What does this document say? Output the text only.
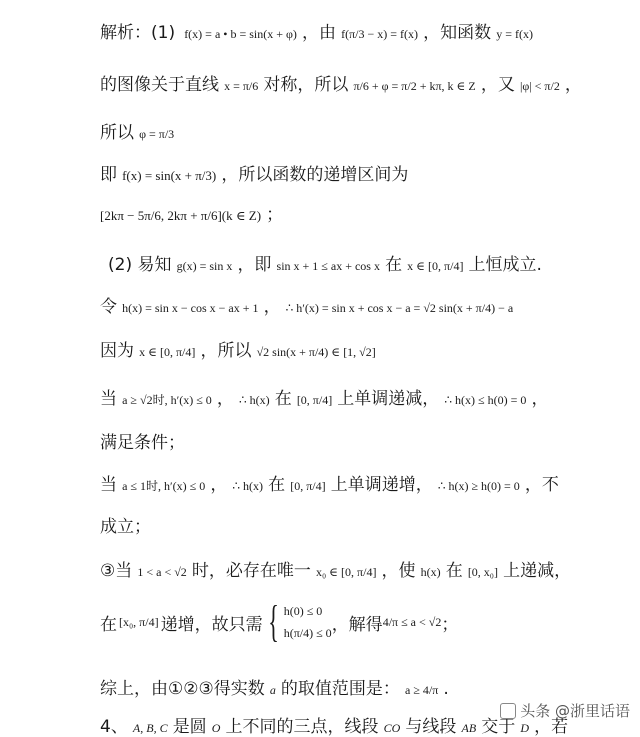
解析：(1) f(x) = a • b = sin(x + φ) ，由 f(π/3 − x) = f(x) ，知函数 y = f(x)
的图像关于直线 x = π/6 对称，所以 π/6 + φ = π/2 + kπ, k ∈ Z ，又 |φ| < π/2 ，
所以 φ = π/3
即 f(x) = sin(x + π/3) ，所以函数的递增区间为
[2kπ − 5π/6, 2kπ + π/6](k ∈ Z) ；
(2) 易知 g(x) = sin x ，即 sin x + 1 ≤ ax + cos x 在 x ∈ [0, π/4] 上恒成立.
令 h(x) = sin x − cos x − ax + 1 ， ∴ h′(x) = sin x + cos x − a = √2 sin(x + π/4) − a
因为 x ∈ [0, π/4] ，所以 √2 sin(x + π/4) ∈ [1, √2]
当 a ≥ √2时, h′(x) ≤ 0 ， ∴ h(x) 在 [0, π/4] 上单调递减， ∴ h(x) ≤ h(0) = 0 ，
满足条件；
当 a ≤ 1时, h′(x) ≤ 0 ， ∴ h(x) 在 [0, π/4] 上单调递增， ∴ h(x) ≥ h(0) = 0 ，不
成立；
③当 1 < a < √2 时，必存在唯一 x₀ ∈ [0, π/4] ，使 h(x) 在 [0, x₀] 上递减，
在 [x₀, π/4] 递增，故只需 { h(0) ≤ 0
h(π/4) ≤ 0 ，解得 4/π ≤ a < √2 ；
综上，由①②③得实数 a 的取值范围是： a ≥ 4/π .
4、 A, B, C 是圆 O 上不同的三点，线段 CO 与线段 AB 交于 D ，若
头条 @浙里话语
